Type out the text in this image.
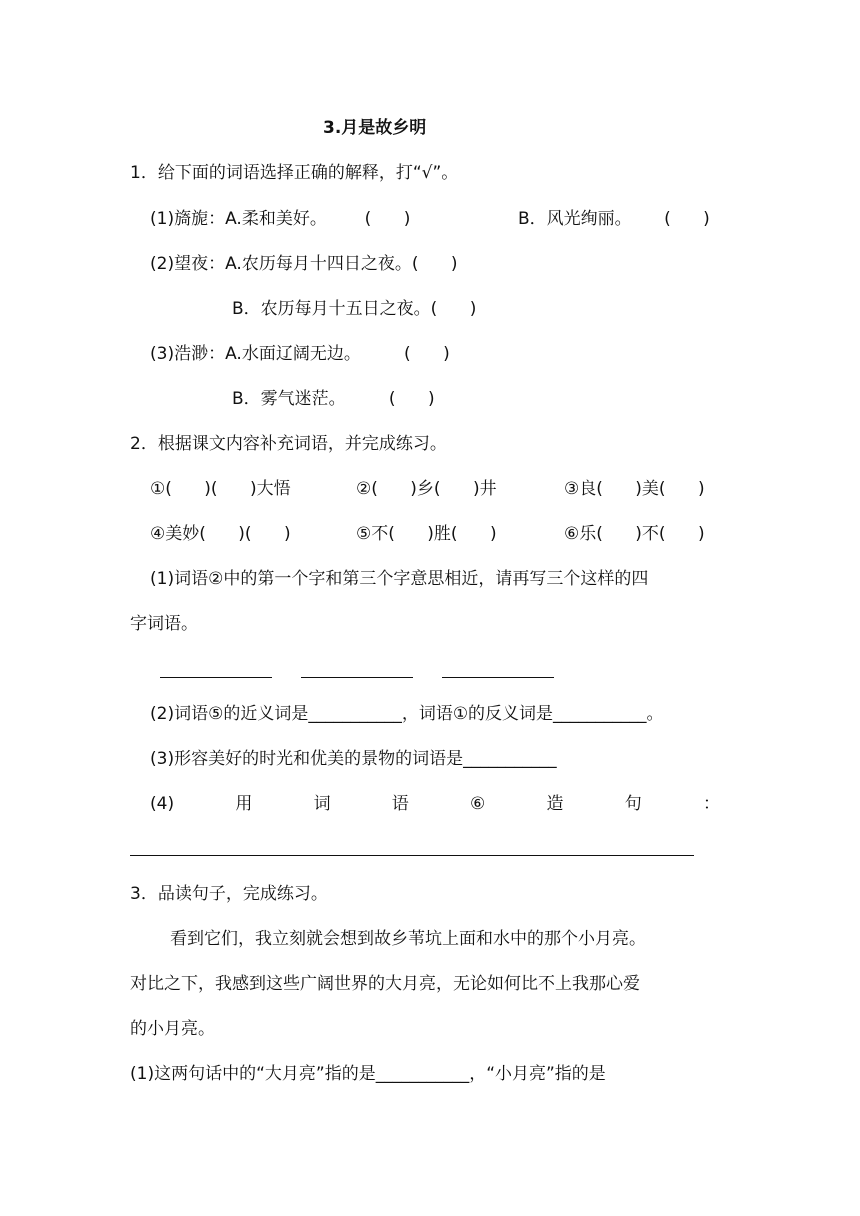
3.月是故乡明
1．给下面的词语选择正确的解释，打“√”。
(1)旖旎：A.柔和美好。       (      )	B．风光绚丽。      (      )
(2)望夜：A.农历每月十四日之夜。(      )
B．农历每月十五日之夜。(      )
(3)浩渺：A.水面辽阔无边。        (      )
B．雾气迷茫。        (      )
2．根据课文内容补充词语，并完成练习。
①(      )(      )大悟	②(      )乡(      )井	③良(      )美(      )
④美妙(      )(      )	⑤不(      )胜(      )	⑥乐(      )不(      )
(1)词语②中的第一个字和第三个字意思相近，请再写三个这样的四
字词语。
(2)词语⑤的近义词是___________，词语①的反义词是___________。
(3)形容美好的时光和优美的景物的词语是___________
(4)	用	词	语	⑥	造	句	：
3．品读句子，完成练习。
看到它们，我立刻就会想到故乡苇坑上面和水中的那个小月亮。
对比之下，我感到这些广阔世界的大月亮，无论如何比不上我那心爱
的小月亮。
(1)这两句话中的“大月亮”指的是___________，“小月亮”指的是
